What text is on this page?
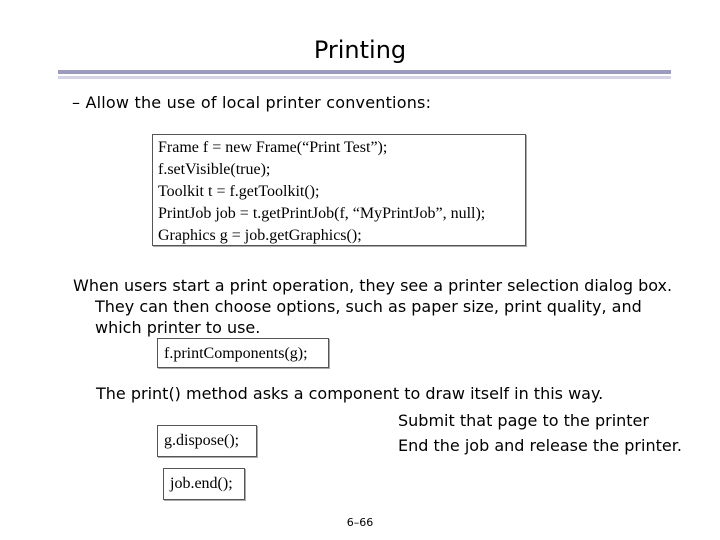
Printing
– Allow the use of local printer conventions:
Frame f = new Frame(“Print Test”);
f.setVisible(true);
Toolkit t = f.getToolkit();
PrintJob job = t.getPrintJob(f, “MyPrintJob”, null);
Graphics g = job.getGraphics();
When users start a print operation, they see a printer selection dialog box.
They can then choose options, such as paper size, print quality, and
which printer to use.
f.printComponents(g);
The print() method asks a component to draw itself in this way.
Submit that page to the printer
End the job and release the printer.
g.dispose();
job.end();
6–66
